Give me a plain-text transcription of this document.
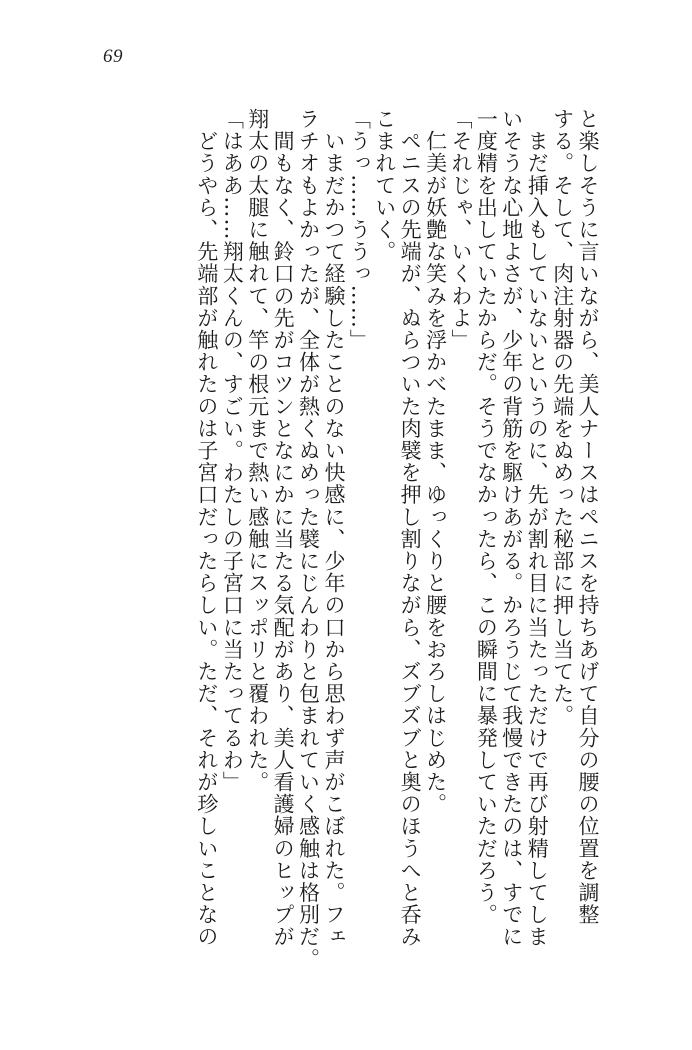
69
と楽しそうに言いながら、美人ナースはペニスを持ちあげて自分の腰の位置を調整
する。そして、肉注射器の先端をぬめった秘部に押し当てた。
　まだ挿入もしていないというのに、先が割れ目に当たっただけで再び射精してしま
いそうな心地よさが、少年の背筋を駆けあがる。かろうじて我慢できたのは、すでに
一度精を出していたからだ。そうでなかったら、この瞬間に暴発していただろう。
「それじゃ、いくわよ」
　仁美が妖艶な笑みを浮かべたまま、ゆっくりと腰をおろしはじめた。
　ペニスの先端が、ぬらついた肉襞を押し割りながら、ズブズブと奥のほうへと呑み
こまれていく。
「うっ……ううっ……」
　いまだかつて経験したことのない快感に、少年の口から思わず声がこぼれた。フェ
ラチオもよかったが、全体が熱くぬめった襞にじんわりと包まれていく感触は格別だ。
　間もなく、鈴口の先がコツンとなにかに当たる気配があり、美人看護婦のヒップが
翔太の太腿に触れて、竿の根元まで熱い感触にスッポリと覆われた。
「はああ……翔太くんの、すごい。わたしの子宮口に当たってるわ」
　どうやら、先端部が触れたのは子宮口だったらしい。ただ、それが珍しいことなの
